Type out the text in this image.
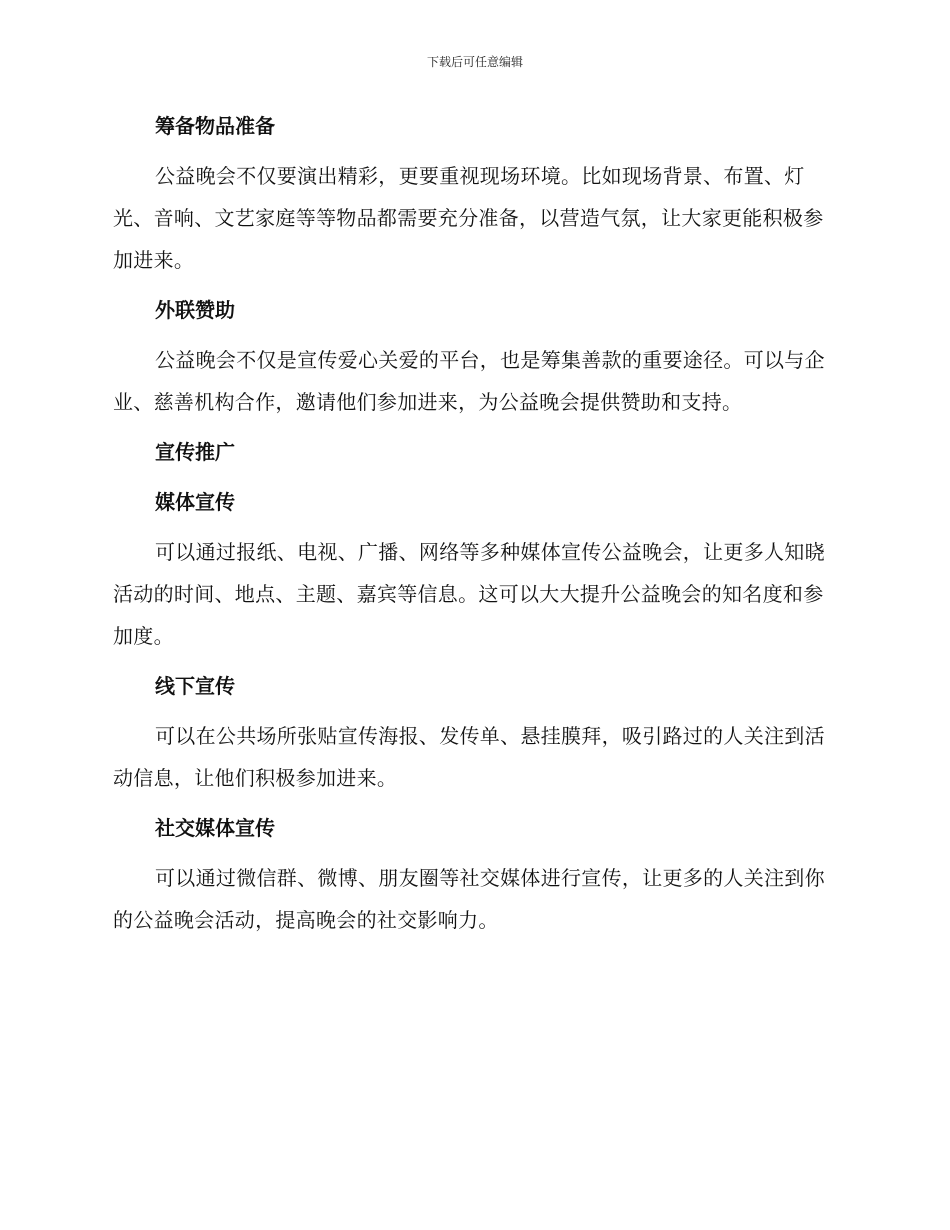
下载后可任意编辑
筹备物品准备
公益晚会不仅要演出精彩，更要重视现场环境。比如现场背景、布置、灯光、音响、文艺家庭等等物品都需要充分准备，以营造气氛，让大家更能积极参加进来。
外联赞助
公益晚会不仅是宣传爱心关爱的平台，也是筹集善款的重要途径。可以与企业、慈善机构合作，邀请他们参加进来，为公益晚会提供赞助和支持。
宣传推广
媒体宣传
可以通过报纸、电视、广播、网络等多种媒体宣传公益晚会，让更多人知晓活动的时间、地点、主题、嘉宾等信息。这可以大大提升公益晚会的知名度和参加度。
线下宣传
可以在公共场所张贴宣传海报、发传单、悬挂膜拜，吸引路过的人关注到活动信息，让他们积极参加进来。
社交媒体宣传
可以通过微信群、微博、朋友圈等社交媒体进行宣传，让更多的人关注到你的公益晚会活动，提高晚会的社交影响力。
